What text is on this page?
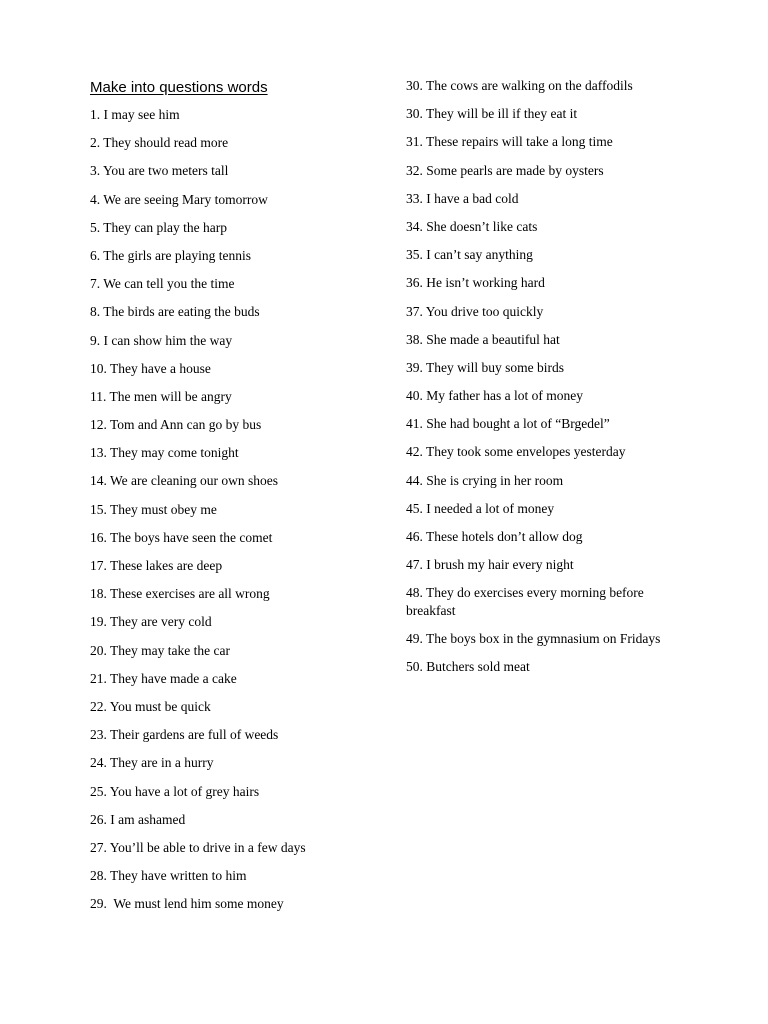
Make into questions words
1. I may see him
2. They should read more
3. You are two meters tall
4. We are seeing Mary tomorrow
5. They can play the harp
6. The girls are playing tennis
7. We can tell you the time
8. The birds are eating the buds
9. I can show him the way
10. They have a house
11. The men will be angry
12. Tom and Ann can go by bus
13. They may come tonight
14. We are cleaning our own shoes
15. They must obey me
16. The boys have seen the comet
17. These lakes are deep
18. These exercises are all wrong
19. They are very cold
20. They may take the car
21. They have made a cake
22. You must be quick
23. Their gardens are full of weeds
24. They are in a hurry
25. You have a lot of grey hairs
26. I am ashamed
27. You’ll be able to drive in a few days
28. They have written to him
29.  We must lend him some money
30. The cows are walking on the daffodils
30. They will be ill if they eat it
31. These repairs will take a long time
32. Some pearls are made by oysters
33. I have a bad cold
34. She doesn’t like cats
35. I can’t say anything
36. He isn’t working hard
37. You drive too quickly
38. She made a beautiful hat
39. They will buy some birds
40. My father has a lot of money
41. She had bought a lot of “Brgedel”
42. They took some envelopes yesterday
44. She is crying in her room
45. I needed a lot of money
46. These hotels don’t allow dog
47. I brush my hair every night
48. They do exercises every morning before breakfast
49. The boys box in the gymnasium on Fridays
50. Butchers sold meat
